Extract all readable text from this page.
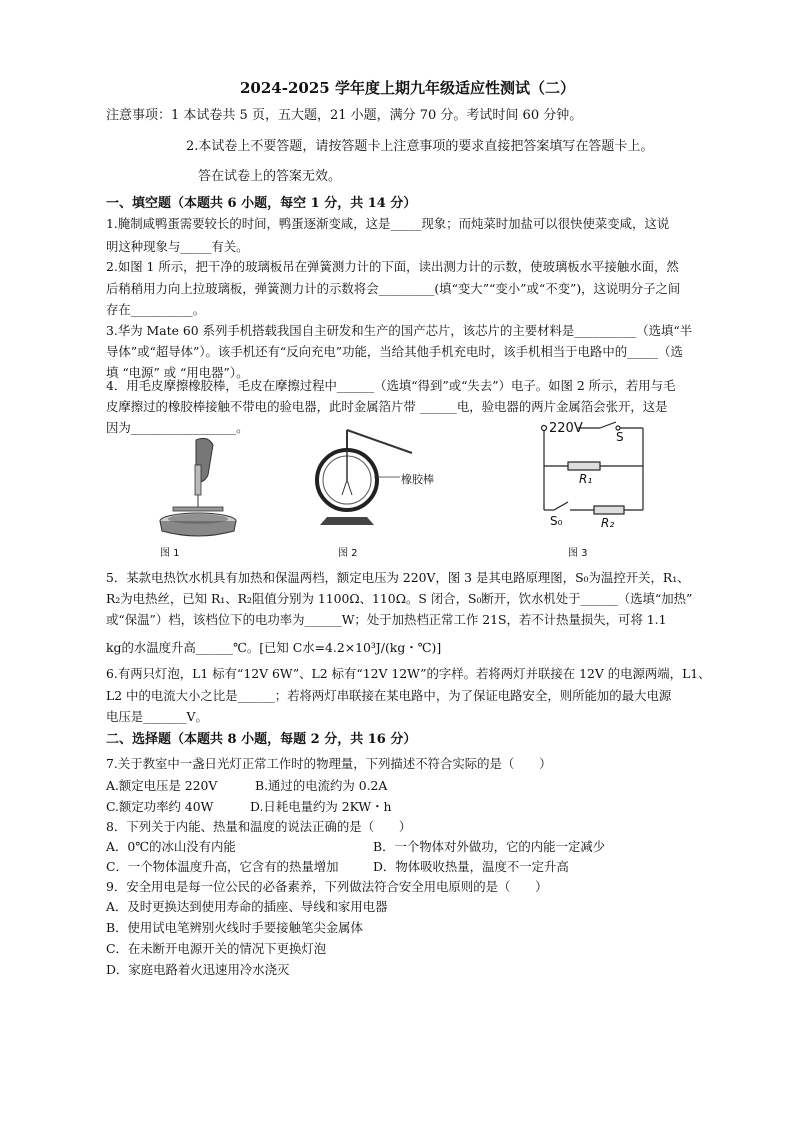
2024-2025 学年度上期九年级适应性测试（二）
注意事项：1 本试卷共 5 页，五大题，21 小题，满分 70 分。考试时间 60 分钟。
2.本试卷上不要答题，请按答题卡上注意事项的要求直接把答案填写在答题卡上。
答在试卷上的答案无效。
一、填空题（本题共 6 小题，每空 1 分，共 14 分）
1.腌制咸鸭蛋需要较长的时间，鸭蛋逐渐变咸，这是_____现象；而炖菜时加盐可以很快使菜变咸，这说
明这种现象与_____有关。
2.如图 1 所示，把干净的玻璃板吊在弹簧测力计的下面，读出测力计的示数，使玻璃板水平接触水面，然
后稍稍用力向上拉玻璃板，弹簧测力计的示数将会_________(填“变大”“变小”或“不变”)，这说明分子之间
存在__________。
3.华为 Mate 60 系列手机搭载我国自主研发和生产的国产芯片，该芯片的主要材料是__________（选填“半
导体”或“超导体”）。该手机还有“反向充电”功能，当给其他手机充电时，该手机相当于电路中的_____（选
填 “电源” 或 “用电器”）。
4．用毛皮摩擦橡胶棒，毛皮在摩擦过程中______（选填“得到”或“失去”）电子。如图 2 所示，若用与毛
皮摩擦过的橡胶棒接触不带电的验电器，此时金属箔片带 ______电，验电器的两片金属箔会张开，这是
因为_________________。
图 1
橡胶棒
图 2
220V
S
R₁
S₀	R₂
图 3
5．某款电热饮水机具有加热和保温两档，额定电压为 220V，图 3 是其电路原理图，S₀为温控开关，R₁、
R₂为电热丝，已知 R₁、R₂阻值分别为 1100Ω、110Ω。S 闭合，S₀断开，饮水机处于______（选填“加热”
或“保温”）档，该档位下的电功率为______W；处于加热档正常工作 21S，若不计热量损失，可将 1.1
kg的水温度升高______℃。[已知 C水=4.2×10³J/(kg・℃)]
6.有两只灯泡，L1 标有“12V 6W”、L2 标有“12V 12W”的字样。若将两灯并联接在 12V 的电源两端，L1、
L2 中的电流大小之比是______；若将两灯串联接在某电路中，为了保证电路安全，则所能加的最大电源
电压是_______V。
二、选择题（本题共 8 小题，每题 2 分，共 16 分）
7.关于教室中一盏日光灯正常工作时的物理量，下列描述不符合实际的是（　　）
A.额定电压是 220V	B.通过的电流约为 0.2A
C.额定功率约 40W	D.日耗电量约为 2KW・h
8．下列关于内能、热量和温度的说法正确的是（　　）
A．0℃的冰山没有内能	B．一个物体对外做功，它的内能一定减少
C．一个物体温度升高，它含有的热量增加	D．物体吸收热量，温度不一定升高
9．安全用电是每一位公民的必备素养，下列做法符合安全用电原则的是（　　）
A．及时更换达到使用寿命的插座、导线和家用电器
B．使用试电笔辨别火线时手要接触笔尖金属体
C．在未断开电源开关的情况下更换灯泡
D．家庭电路着火迅速用冷水浇灭
